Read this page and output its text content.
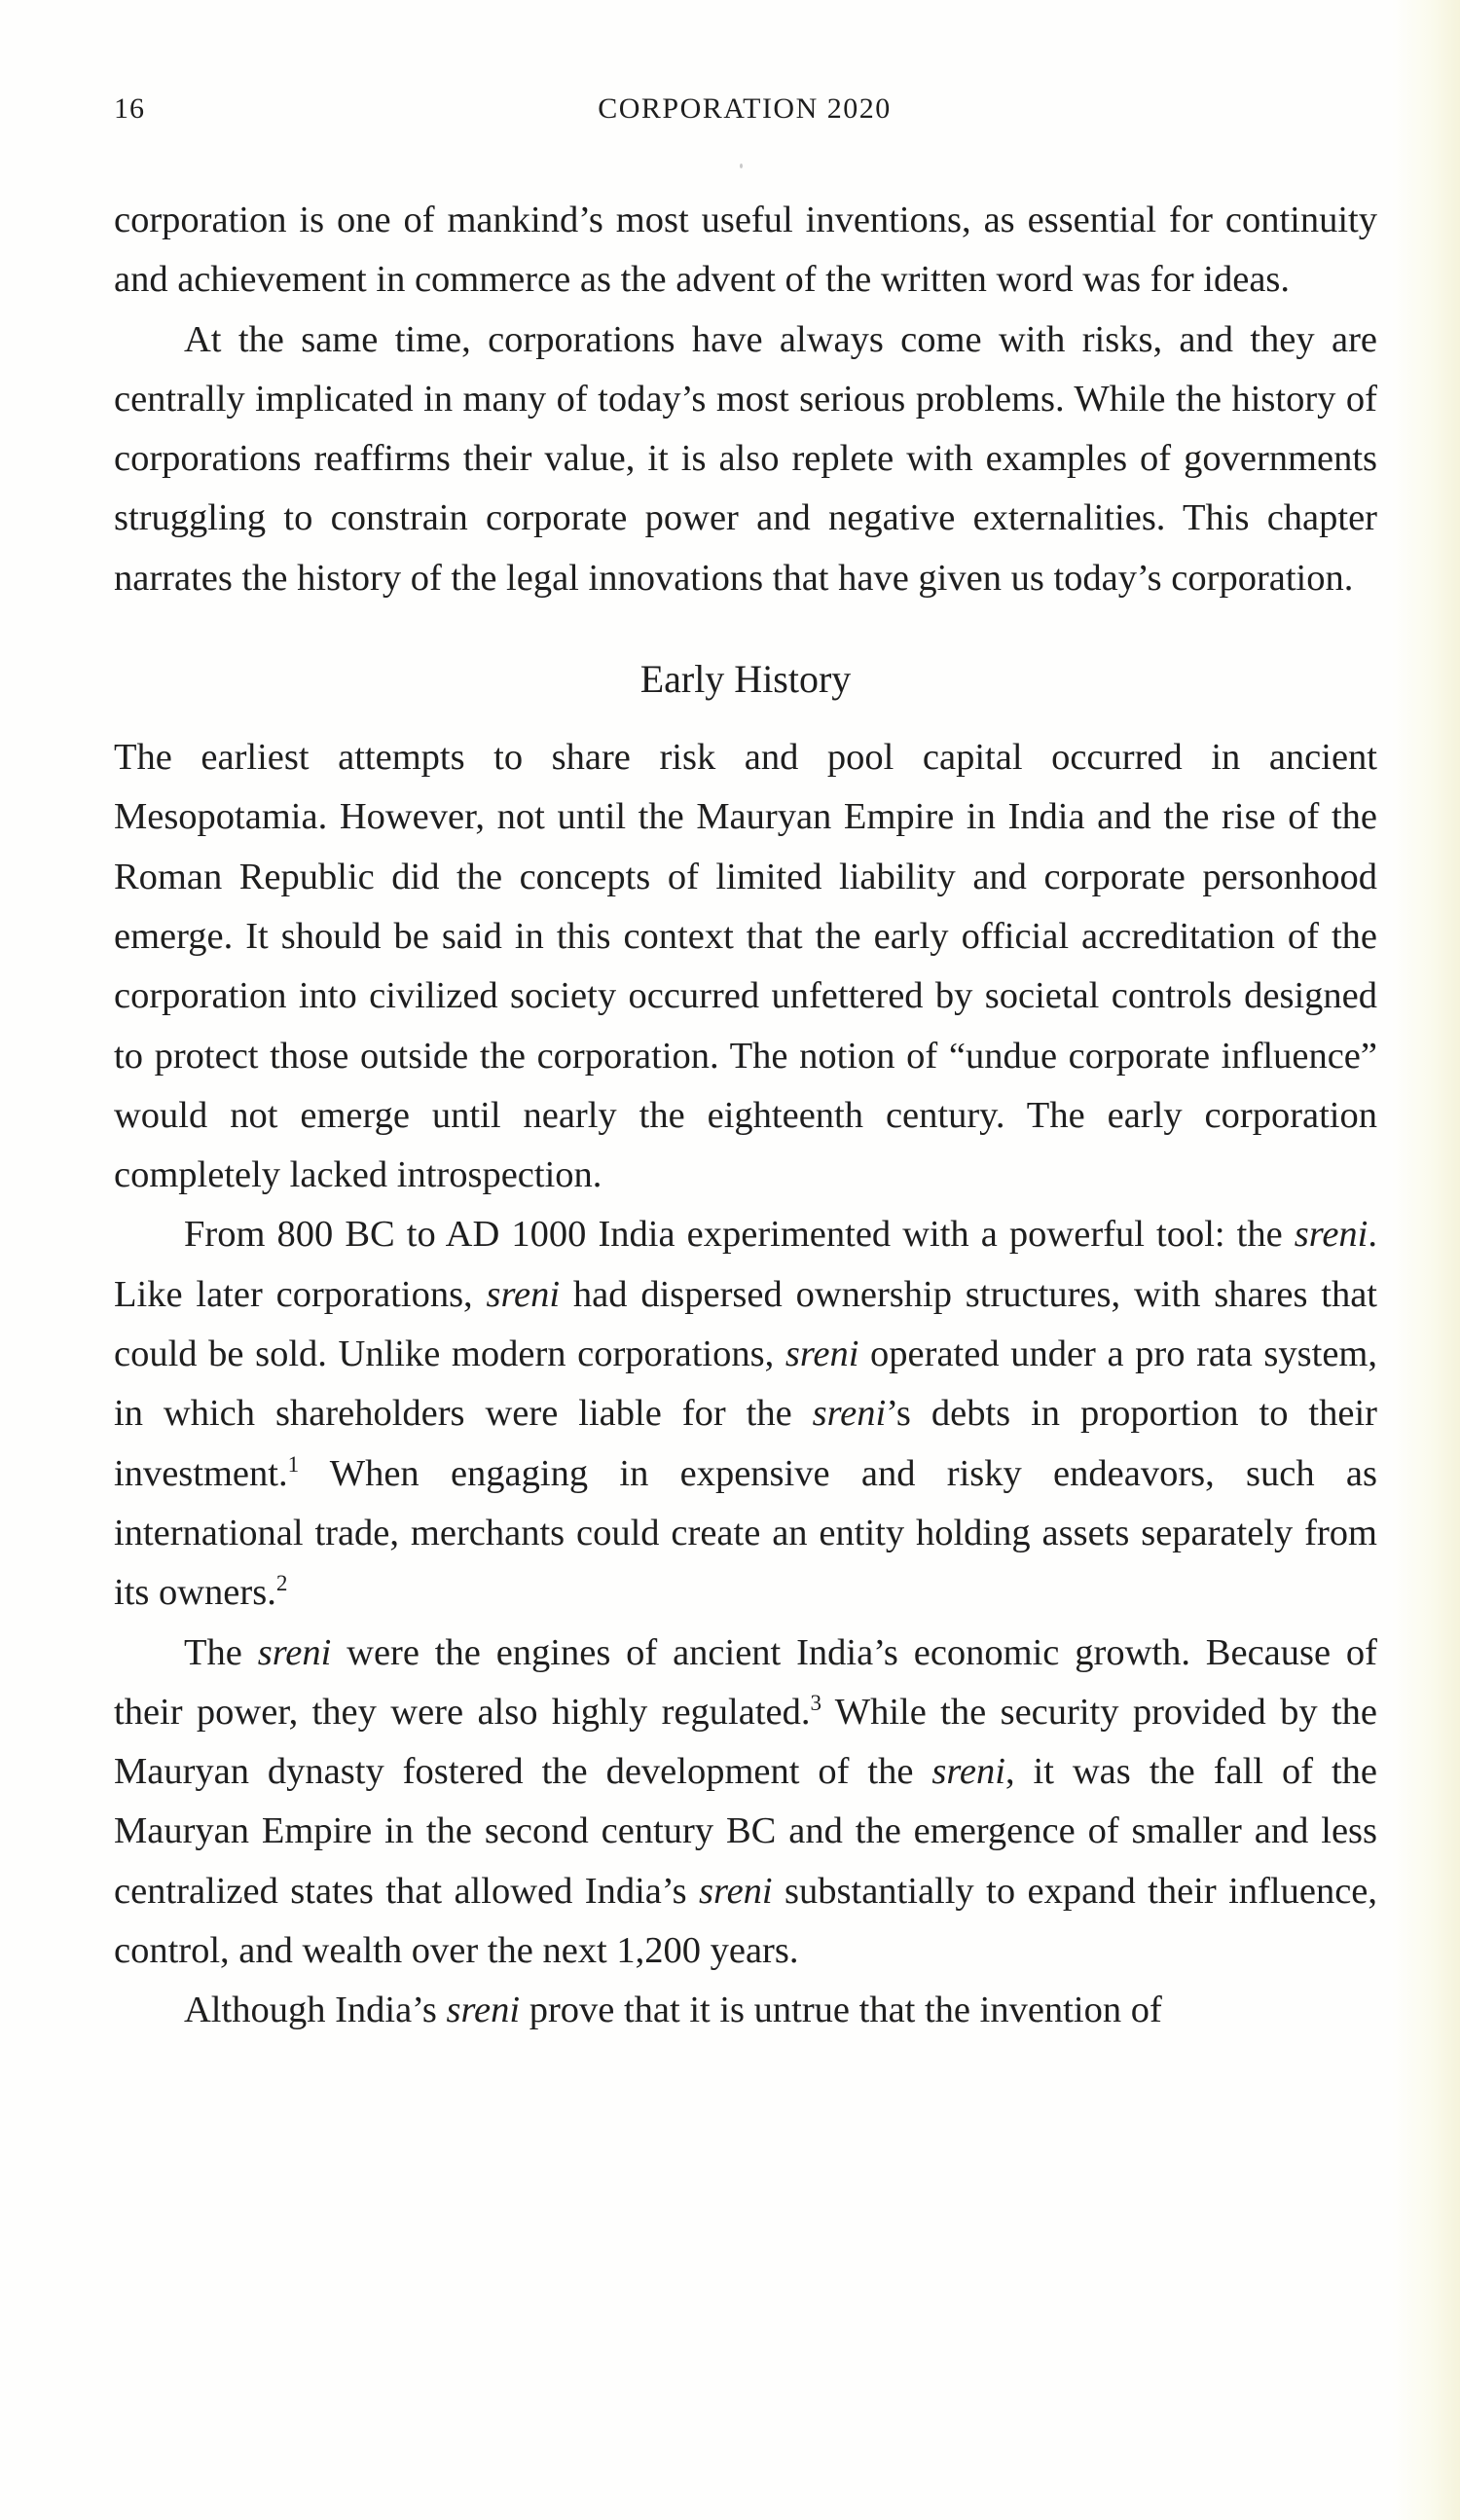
16	CORPORATION 2020

corporation is one of mankind’s most useful inventions, as essential for continuity and achievement in commerce as the advent of the written word was for ideas.

At the same time, corporations have always come with risks, and they are centrally implicated in many of today’s most serious problems. While the history of corporations reaffirms their value, it is also replete with examples of governments struggling to constrain corporate power and negative externalities. This chapter narrates the history of the legal innovations that have given us today’s corporation.

Early History

The earliest attempts to share risk and pool capital occurred in ancient Mesopotamia. However, not until the Mauryan Empire in India and the rise of the Roman Republic did the concepts of limited liability and corporate personhood emerge. It should be said in this context that the early official accreditation of the corporation into civilized society occurred unfettered by societal controls designed to protect those outside the corporation. The notion of “undue corporate influence” would not emerge until nearly the eighteenth century. The early corporation completely lacked introspection.

From 800 BC to AD 1000 India experimented with a powerful tool: the sreni. Like later corporations, sreni had dispersed ownership structures, with shares that could be sold. Unlike modern corporations, sreni operated under a pro rata system, in which shareholders were liable for the sreni’s debts in proportion to their investment.$^1$ When engaging in expensive and risky endeavors, such as international trade, merchants could create an entity holding assets separately from its owners.$^2$

The sreni were the engines of ancient India’s economic growth. Because of their power, they were also highly regulated.$^3$ While the security provided by the Mauryan dynasty fostered the development of the sreni, it was the fall of the Mauryan Empire in the second century BC and the emergence of smaller and less centralized states that allowed India’s sreni substantially to expand their influence, control, and wealth over the next 1,200 years.

Although India’s sreni prove that it is untrue that the invention of
